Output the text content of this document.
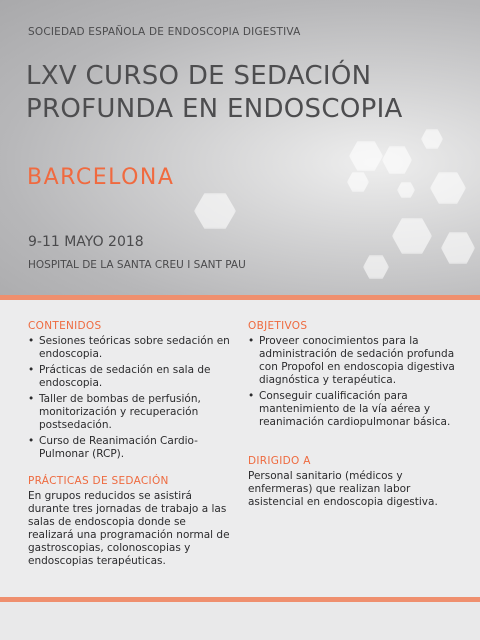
SOCIEDAD ESPAÑOLA DE ENDOSCOPIA DIGESTIVA
LXV CURSO DE SEDACIÓN
PROFUNDA EN ENDOSCOPIA
BARCELONA
9-11 MAYO 2018
HOSPITAL DE LA SANTA CREU I SANT PAU
CONTENIDOS
• Sesiones teóricas sobre sedación en endoscopia.
• Prácticas de sedación en sala de endoscopia.
• Taller de bombas de perfusión, monitorización y recuperación postsedación.
• Curso de Reanimación Cardio-Pulmonar (RCP).
PRÁCTICAS DE SEDACIÓN

En grupos reducidos se asistirá durante tres jornadas de trabajo a las salas de endoscopia donde se realizará una programación normal de gastroscopias, colonoscopias y endoscopias terapéuticas.

OBJETIVOS
• Proveer conocimientos para la administración de sedación profunda con Propofol en endoscopia digestiva diagnóstica y terapéutica.
• Conseguir cualificación para mantenimiento de la vía aérea y reanimación cardiopulmonar básica.
DIRIGIDO A

Personal sanitario (médicos y enfermeras) que realizan labor asistencial en endoscopia digestiva.
